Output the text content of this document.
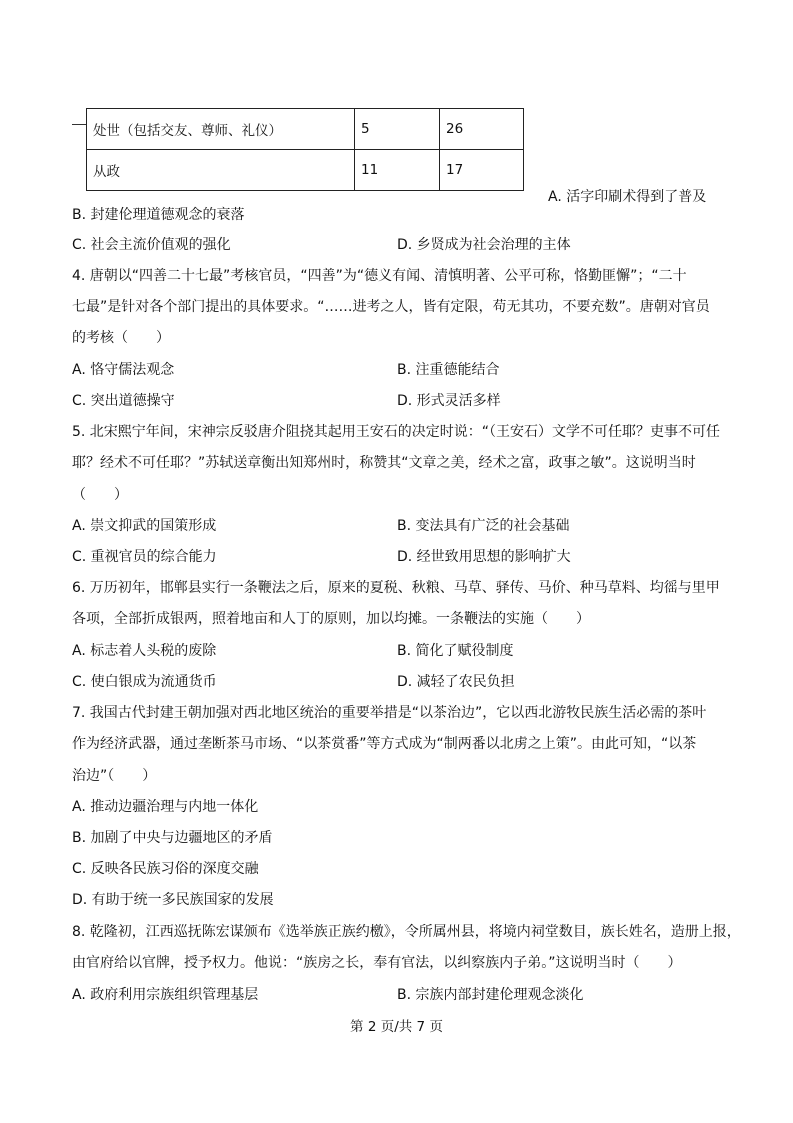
处世（包括交友、尊师、礼仪）	5	26
从政	11	17
A. 活字印刷术得到了普及
B. 封建伦理道德观念的衰落
C. 社会主流价值观的强化	D. 乡贤成为社会治理的主体
4. 唐朝以“四善二十七最”考核官员，“四善”为“德义有闻、清慎明著、公平可称，恪勤匪懈”；“二十
七最”是针对各个部门提出的具体要求。“……进考之人，皆有定限，苟无其功，不要充数”。唐朝对官员
的考核（　　）
A. 恪守儒法观念	B. 注重德能结合
C. 突出道德操守	D. 形式灵活多样
5. 北宋熙宁年间，宋神宗反驳唐介阻挠其起用王安石的决定时说：“（王安石）文学不可任耶？吏事不可任
耶？经术不可任耶？”苏轼送章衡出知郑州时，称赞其“文章之美，经术之富，政事之敏”。这说明当时
（　　）
A. 崇文抑武的国策形成	B. 变法具有广泛的社会基础
C. 重视官员的综合能力	D. 经世致用思想的影响扩大
6. 万历初年，邯郸县实行一条鞭法之后，原来的夏税、秋粮、马草、驿传、马价、种马草料、均徭与里甲
各项，全部折成银两，照着地亩和人丁的原则，加以均摊。一条鞭法的实施（　　）
A. 标志着人头税的废除	B. 简化了赋役制度
C. 使白银成为流通货币	D. 减轻了农民负担
7. 我国古代封建王朝加强对西北地区统治的重要举措是“以茶治边”，它以西北游牧民族生活必需的茶叶
作为经济武器，通过垄断茶马市场、“以茶赏番”等方式成为“制两番以北虏之上策”。由此可知，“以茶
治边”（　　）
A. 推动边疆治理与内地一体化
B. 加剧了中央与边疆地区的矛盾
C. 反映各民族习俗的深度交融
D. 有助于统一多民族国家的发展
8. 乾隆初，江西巡抚陈宏谋颁布《选举族正族约檄》，令所属州县，将境内祠堂数目，族长姓名，造册上报，
由官府给以官牌，授予权力。他说：“族房之长，奉有官法，以纠察族内子弟。”这说明当时（　　）
A. 政府利用宗族组织管理基层	B. 宗族内部封建伦理观念淡化
第 2 页/共 7 页
